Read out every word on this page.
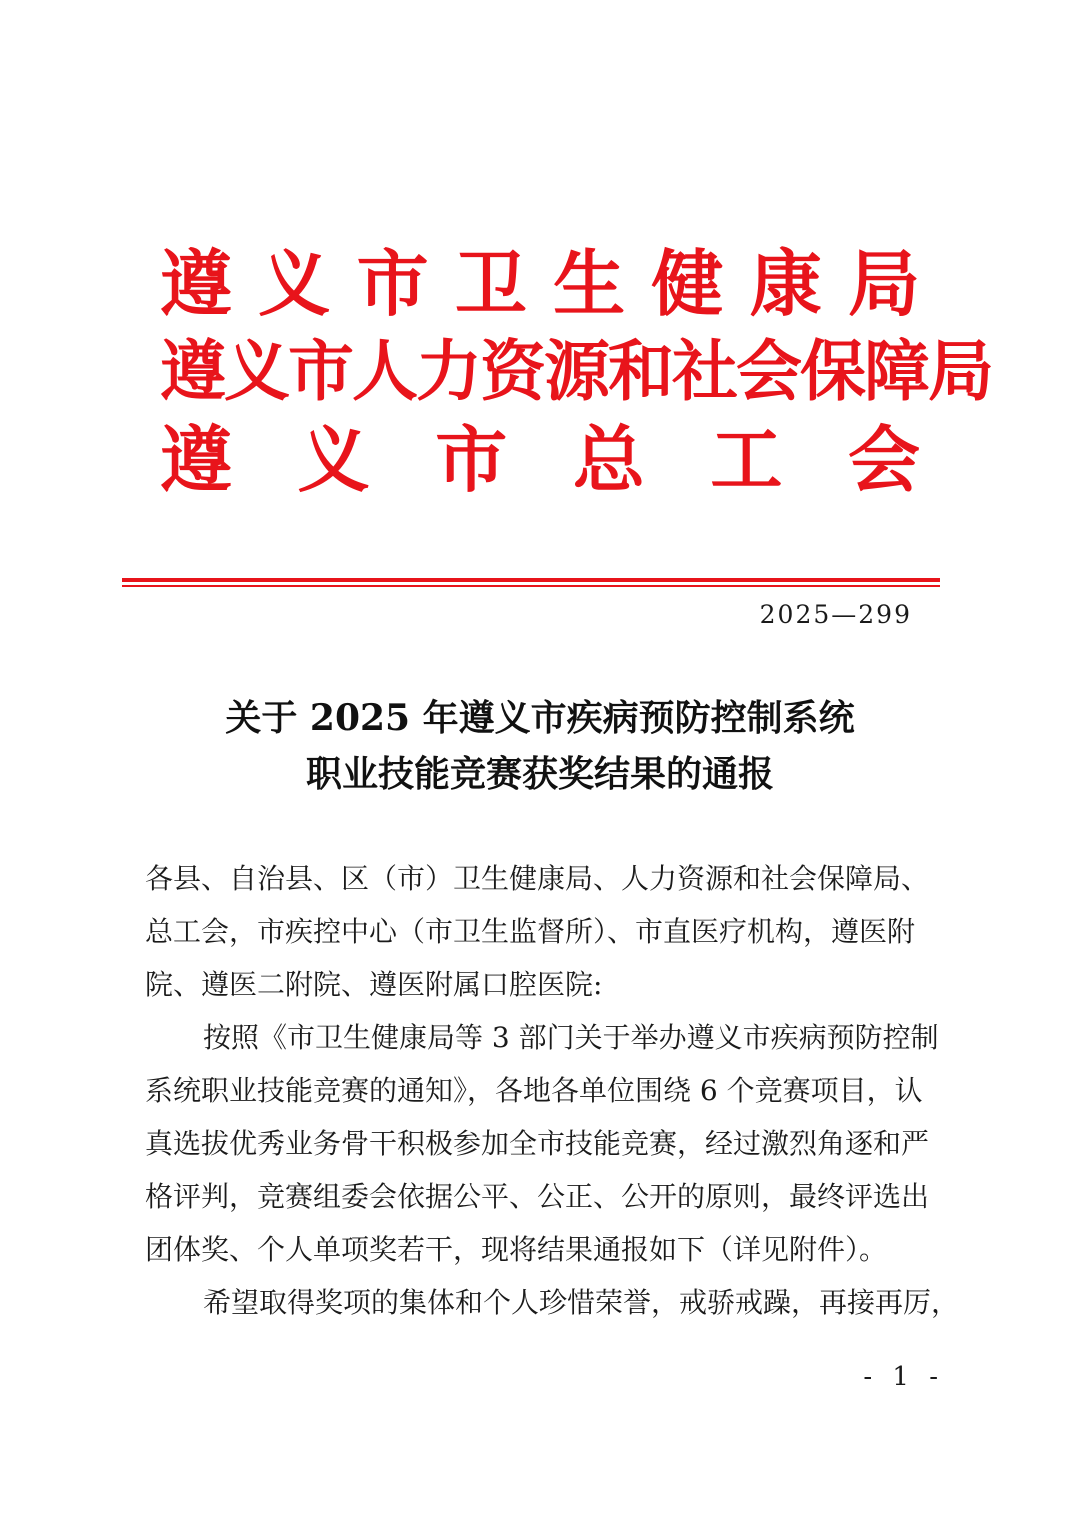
遵 义 市 卫 生 健 康 局
遵 义 市 人 力 资 源 和 社 会 保 障 局
遵 义 市 总 工 会
2025—299
关于 2025 年遵义市疾病预防控制系统
职业技能竞赛获奖结果的通报
各县、自治县、区（市）卫生健康局、人力资源和社会保障局、
总工会，市疾控中心（市卫生监督所）、市直医疗机构，遵医附
院、遵医二附院、遵医附属口腔医院:
按照《市卫生健康局等 3 部门关于举办遵义市疾病预防控制
系统职业技能竞赛的通知》，各地各单位围绕 6 个竞赛项目，认
真选拔优秀业务骨干积极参加全市技能竞赛，经过激烈角逐和严
格评判，竞赛组委会依据公平、公正、公开的原则，最终评选出
团体奖、个人单项奖若干，现将结果通报如下（详见附件）。
希望取得奖项的集体和个人珍惜荣誉，戒骄戒躁，再接再厉，
- 1 -
